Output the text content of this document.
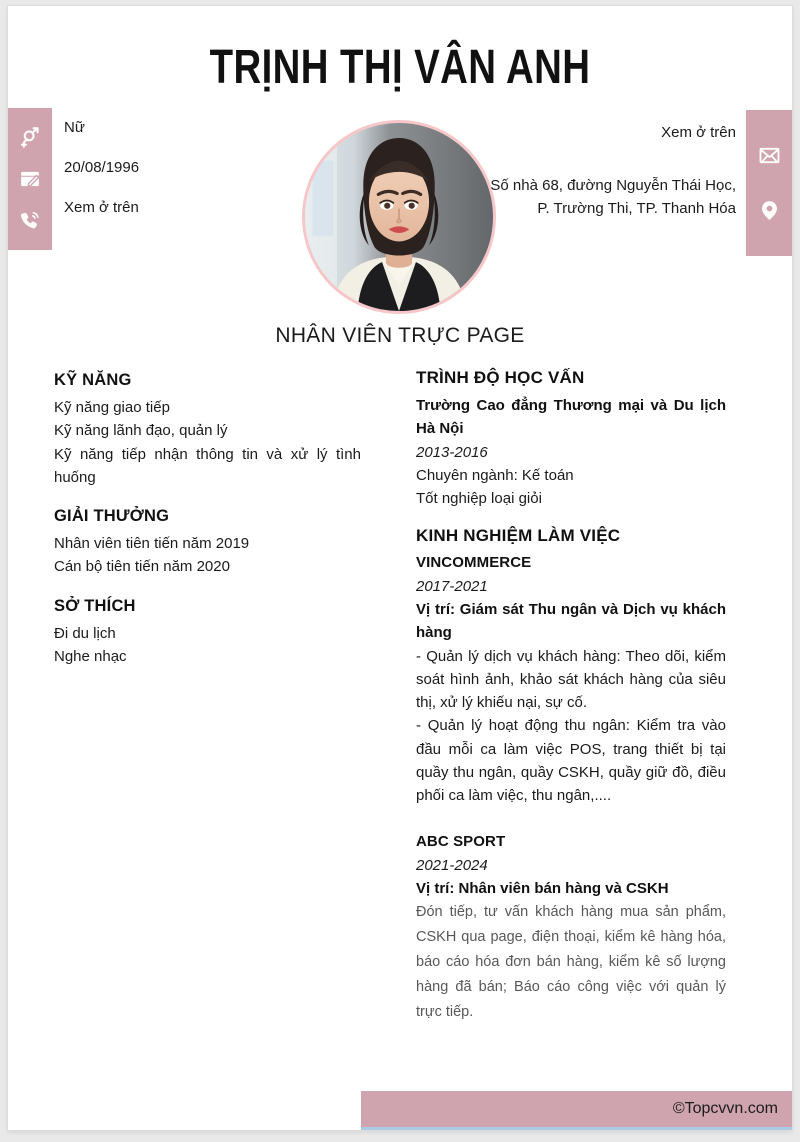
TRỊNH THỊ VÂN ANH
Nữ
20/08/1996
Xem ở trên
Xem ở trên
Số nhà 68, đường Nguyễn Thái Học, P. Trường Thi, TP. Thanh Hóa
NHÂN VIÊN TRỰC PAGE
KỸ NĂNG
Kỹ năng giao tiếp
Kỹ năng lãnh đạo, quản lý
Kỹ năng tiếp nhận thông tin và xử lý tình huống
GIẢI THƯỞNG
Nhân viên tiên tiến năm 2019
Cán bộ tiên tiến năm 2020
SỞ THÍCH
Đi du lịch
Nghe nhạc
TRÌNH ĐỘ HỌC VẤN
Trường Cao đẳng Thương mại và Du lịch Hà Nội
2013-2016
Chuyên ngành: Kế toán
Tốt nghiệp loại giỏi
KINH NGHIỆM LÀM VIỆC
VINCOMMERCE
2017-2021
Vị trí: Giám sát Thu ngân và Dịch vụ khách hàng
- Quản lý dịch vụ khách hàng: Theo dõi, kiểm soát hình ảnh, khảo sát khách hàng của siêu thị, xử lý khiếu nại, sự cố.
- Quản lý hoạt động thu ngân: Kiểm tra vào đầu mỗi ca làm việc POS, trang thiết bị tại quầy thu ngân, quầy CSKH, quầy giữ đồ, điều phối ca làm việc, thu ngân,....
ABC SPORT
2021-2024
Vị trí: Nhân viên bán hàng và CSKH
Đón tiếp, tư vấn khách hàng mua sản phẩm, CSKH qua page, điện thoại, kiểm kê hàng hóa, báo cáo hóa đơn bán hàng, kiểm kê số lượng hàng đã bán; Báo cáo công việc với quản lý trực tiếp.
©Topcvvn.com
